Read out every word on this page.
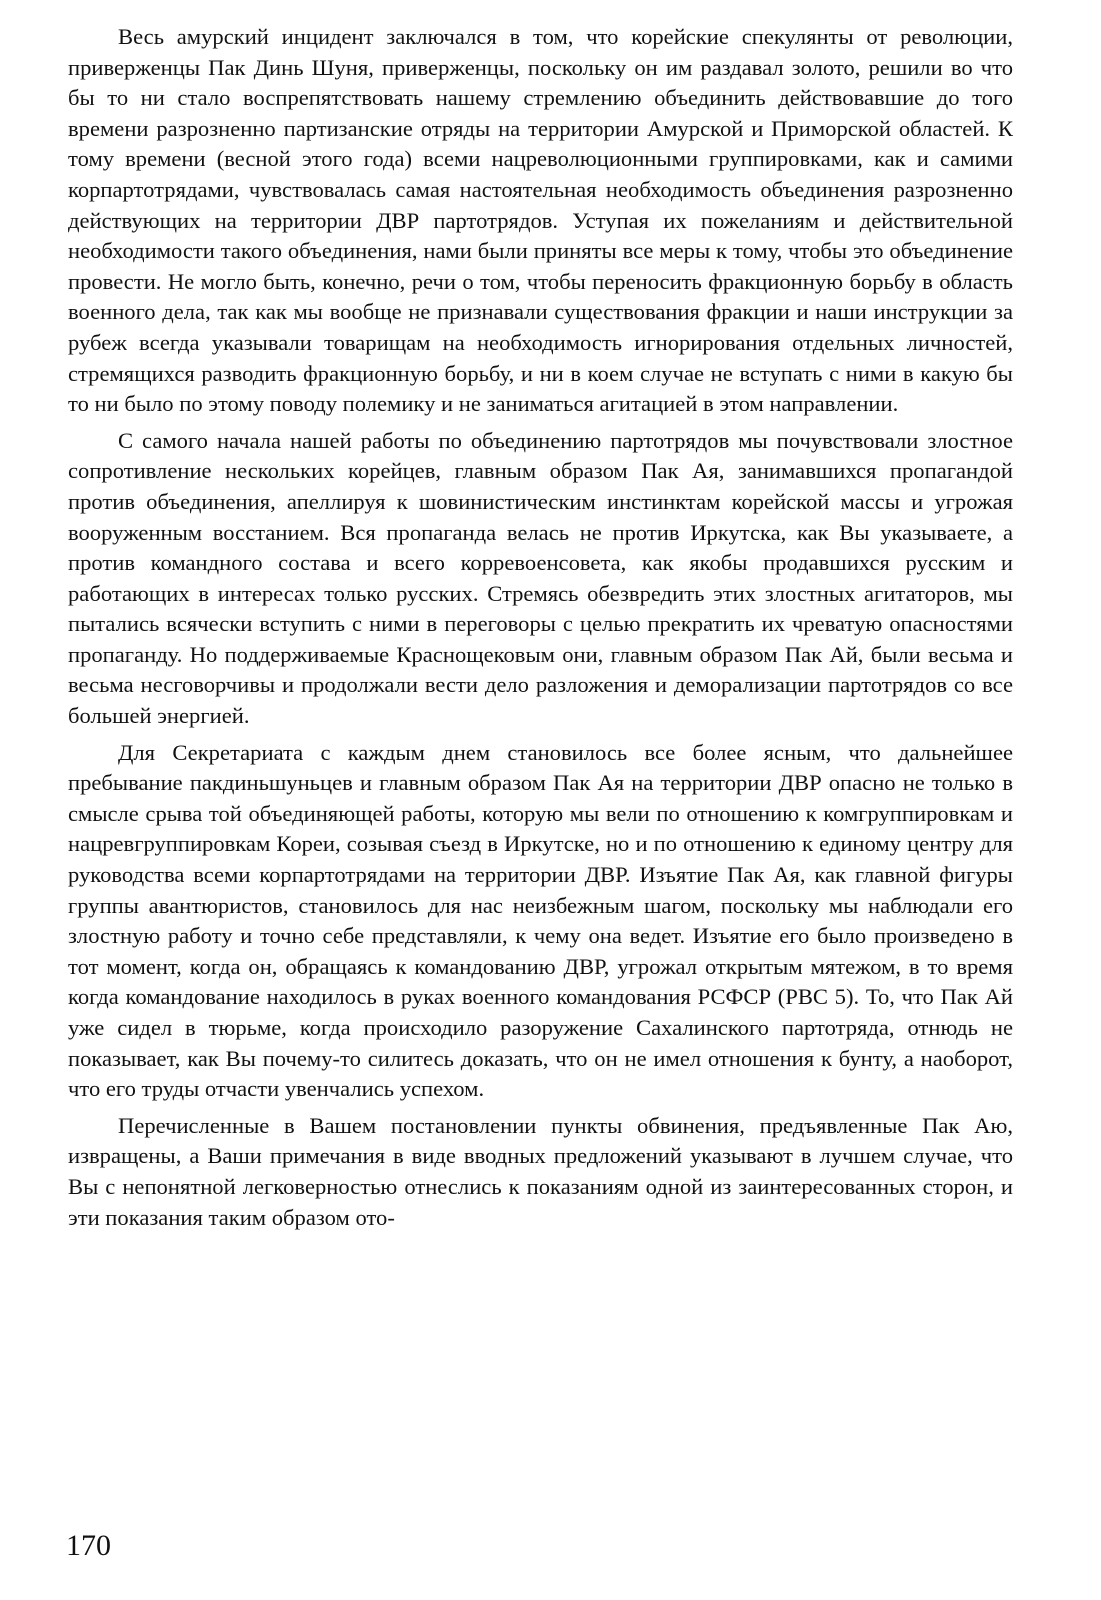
Весь амурский инцидент заключался в том, что корейские спекулянты от революции, приверженцы Пак Динь Шуня, приверженцы, поскольку он им раздавал золото, решили во что бы то ни стало воспрепятствовать нашему стремлению объединить действовавшие до того времени разрозненно партизанские отряды на территории Амурской и Приморской областей. К тому времени (весной этого года) всеми нацреволюционными группировками, как и самими корпартотрядами, чувствовалась самая настоятельная необходимость объединения разрозненно действующих на территории ДВР партотрядов. Уступая их пожеланиям и действительной необходимости такого объединения, нами были приняты все меры к тому, чтобы это объединение провести. Не могло быть, конечно, речи о том, чтобы переносить фракционную борьбу в область военного дела, так как мы вообще не признавали существования фракции и наши инструкции за рубеж всегда указывали товарищам на необходимость игнорирования отдельных личностей, стремящихся разводить фракционную борьбу, и ни в коем случае не вступать с ними в какую бы то ни было по этому поводу полемику и не заниматься агитацией в этом направлении.

С самого начала нашей работы по объединению партотрядов мы почувствовали злостное сопротивление нескольких корейцев, главным образом Пак Ая, занимавшихся пропагандой против объединения, апеллируя к шовинистическим инстинктам корейской массы и угрожая вооруженным восстанием. Вся пропаганда велась не против Иркутска, как Вы указываете, а против командного состава и всего корревоенсовета, как якобы продавшихся русским и работающих в интересах только русских. Стремясь обезвредить этих злостных агитаторов, мы пытались всячески вступить с ними в переговоры с целью прекратить их чреватую опасностями пропаганду. Но поддерживаемые Краснощековым они, главным образом Пак Ай, были весьма и весьма несговорчивы и продолжали вести дело разложения и деморализации партотрядов со все большей энергией.

Для Секретариата с каждым днем становилось все более ясным, что дальнейшее пребывание пакдиньшуньцев и главным образом Пак Ая на территории ДВР опасно не только в смысле срыва той объединяющей работы, которую мы вели по отношению к комгруппировкам и нацревгруппировкам Кореи, созывая съезд в Иркутске, но и по отношению к единому центру для руководства всеми корпартотрядами на территории ДВР. Изъятие Пак Ая, как главной фигуры группы авантюристов, становилось для нас неизбежным шагом, поскольку мы наблюдали его злостную работу и точно себе представляли, к чему она ведет. Изъятие его было произведено в тот момент, когда он, обращаясь к командованию ДВР, угрожал открытым мятежом, в то время когда командование находилось в руках военного командования РСФСР (РВС 5). То, что Пак Ай уже сидел в тюрьме, когда происходило разоружение Сахалинского партотряда, отнюдь не показывает, как Вы почему-то силитесь доказать, что он не имел отношения к бунту, а наоборот, что его труды отчасти увенчались успехом.

Перечисленные в Вашем постановлении пункты обвинения, предъявленные Пак Аю, извращены, а Ваши примечания в виде вводных предложений указывают в лучшем случае, что Вы с непонятной легковерностью отнеслись к показаниям одной из заинтересованных сторон, и эти показания таким образом ото-

170
